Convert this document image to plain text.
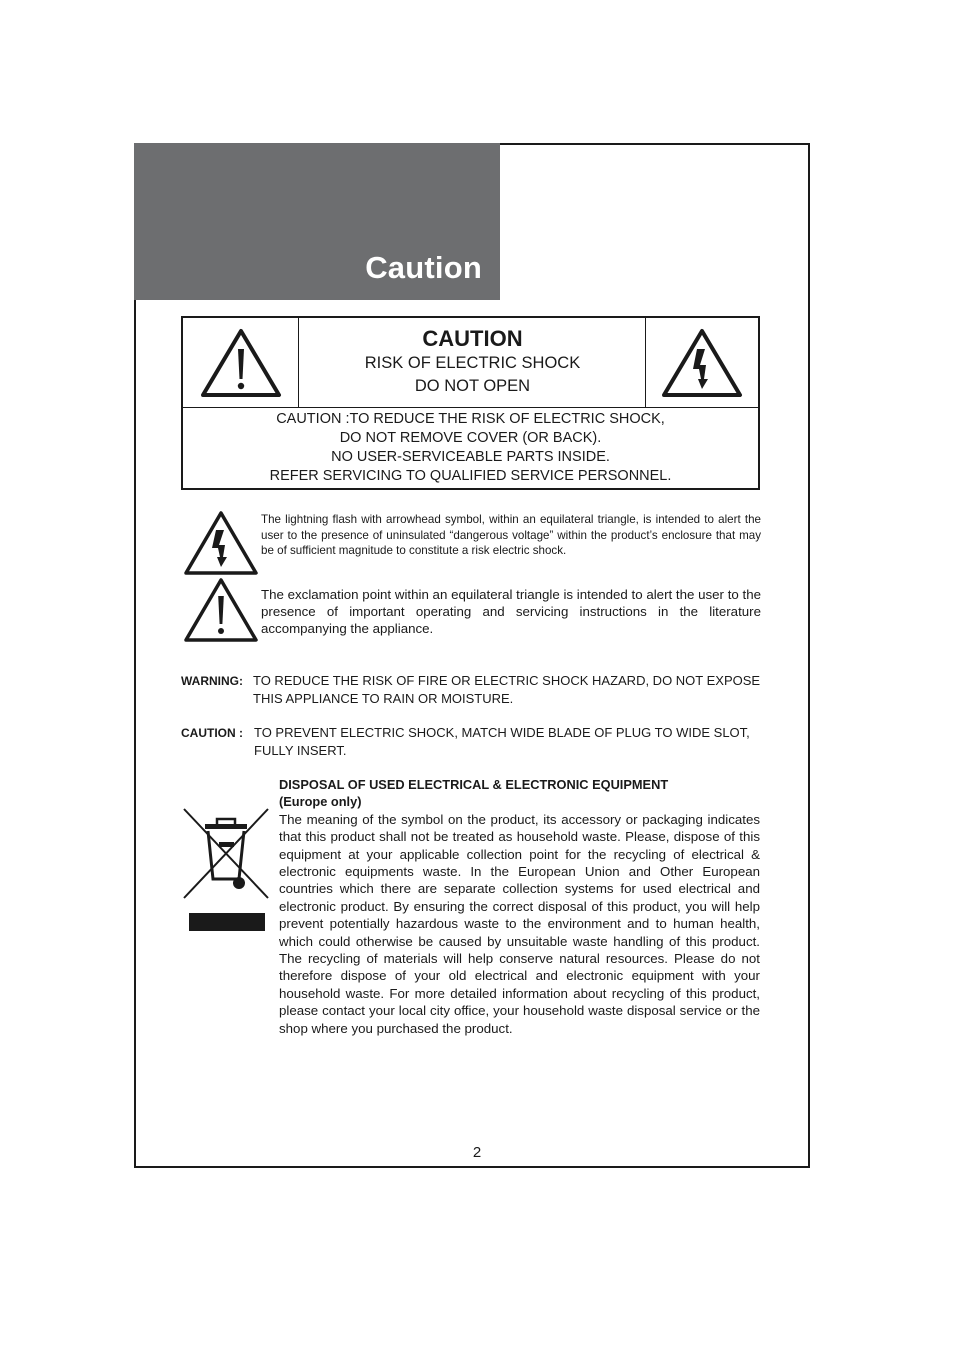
Caution
CAUTION
RISK OF ELECTRIC SHOCK
DO NOT OPEN
CAUTION :TO REDUCE THE RISK OF ELECTRIC SHOCK,
DO NOT REMOVE COVER (OR BACK).
NO USER-SERVICEABLE PARTS INSIDE.
REFER SERVICING TO QUALIFIED SERVICE PERSONNEL.
The lightning flash with arrowhead symbol, within an equilateral triangle, is intended to alert the user to the presence of uninsulated “dangerous voltage” within the product’s enclosure that may be of sufficient magnitude to constitute a risk electric shock.
The exclamation point within an equilateral triangle is intended to alert the user to the presence of important operating and servicing instructions in the literature accompanying the appliance.
WARNING: TO REDUCE THE RISK OF FIRE OR ELECTRIC SHOCK HAZARD, DO NOT EXPOSE THIS APPLIANCE TO RAIN OR MOISTURE.
CAUTION : TO PREVENT ELECTRIC SHOCK, MATCH WIDE BLADE OF PLUG TO WIDE SLOT, FULLY INSERT.
DISPOSAL OF USED ELECTRICAL & ELECTRONIC EQUIPMENT
(Europe only)
The meaning of the symbol on the product, its accessory or packaging indicates that this product shall not be treated as household waste. Please, dispose of this equipment at your applicable collection point for the recycling of electrical & electronic equipments waste. In the European Union and Other European countries which there are separate collection systems for used electrical and electronic product. By ensuring the correct disposal of this product, you will help prevent potentially hazardous waste to the environment and to human health, which could otherwise be caused by unsuitable waste handling of this product. The recycling of materials will help conserve natural resources. Please do not therefore dispose of your old electrical and electronic equipment with your household waste. For more detailed information about recycling of this product, please contact your local city office, your household waste disposal service or the shop where you purchased the product.
2
